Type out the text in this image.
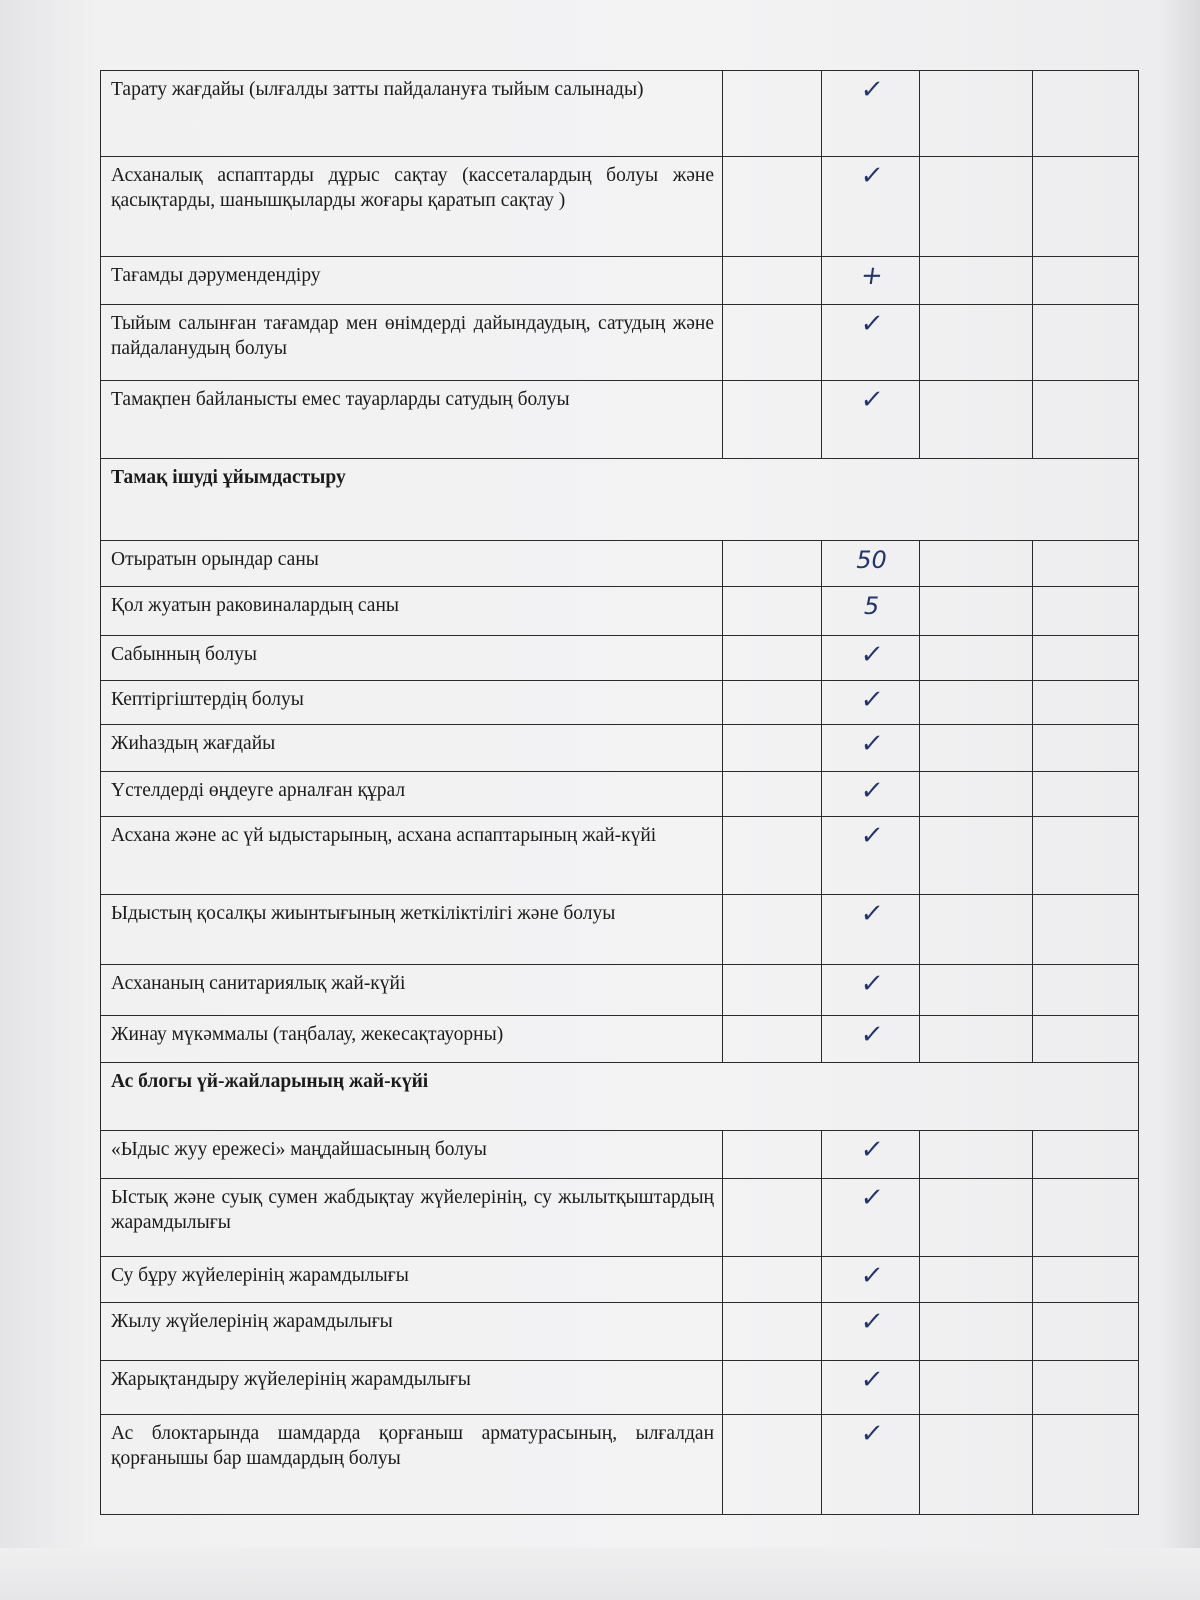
Тарату жағдайы (ылғалды затты пайдалануға тыйым салынады)		✓		

Асханалық аспаптарды дұрыс сақтау (кассеталардың болуы және қасықтарды, шанышқыларды жоғары қаратып сақтау )		✓		

Тағамды дәрумендендіру		+		

Тыйым салынған тағамдар мен өнімдерді дайындаудың, сатудың және пайдаланудың болуы		✓		

Тамақпен байланысты емес тауарларды сатудың болуы		✓		
Тамақ ішуді ұйымдастыру				

Отыратын орындар саны		50		

Қол жуатын раковиналардың саны		5		

Сабынның болуы		✓		

Кептіргіштердің болуы		✓		

Жиһаздың жағдайы		✓		

Үстелдерді өңдеуге арналған құрал		✓		

Асхана және ас үй ыдыстарының, асхана аспаптарының жай-күйі		✓		

Ыдыстың қосалқы жиынтығының жеткіліктілігі және болуы		✓		

Асхананың санитариялық жай-күйі		✓		

Жинау мүкәммалы (таңбалау, жекесақтауорны)		✓		
Ас блогы үй-жайларының жай-күйі				

«Ыдыс жуу ережесі» маңдайшасының болуы		✓		

Ыстық және суық сумен жабдықтау жүйелерінің, су жылытқыштардың жарамдылығы		✓		

Су бұру жүйелерінің жарамдылығы		✓		

Жылу жүйелерінің жарамдылығы		✓		

Жарықтандыру жүйелерінің жарамдылығы		✓		

Ас блоктарында шамдарда қорғаныш арматурасының, ылғалдан қорғанышы бар шамдардың болуы		✓		
